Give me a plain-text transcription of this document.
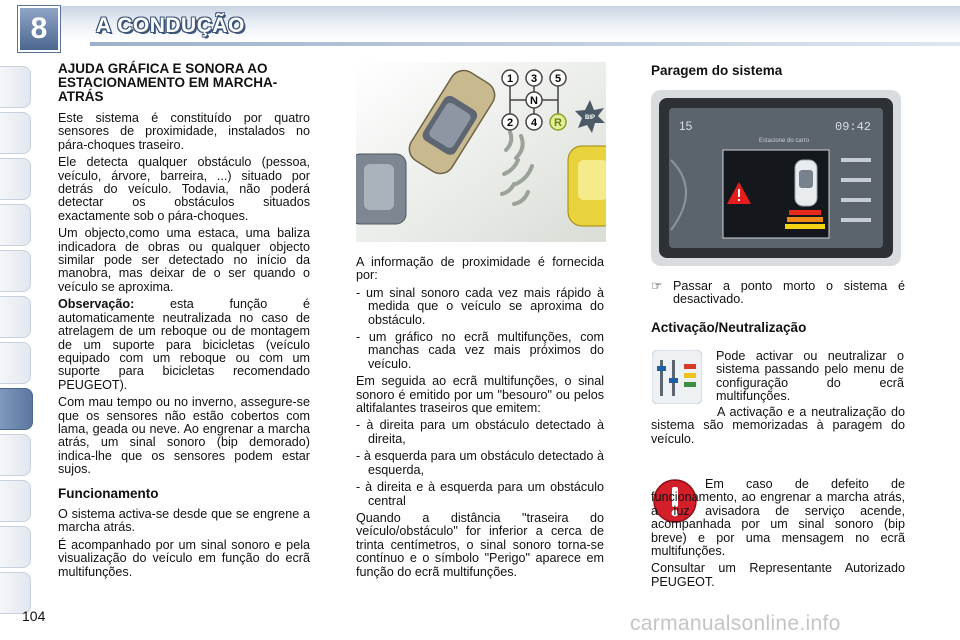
8	A CONDUÇÃO
AJUDA GRÁFICA E SONORA AO ESTACIONAMENTO EM MARCHA-ATRÁS

Este sistema é constituído por quatro sensores de proximidade, instalados no pára-choques traseiro.

Ele detecta qualquer obstáculo (pessoa, veículo, árvore, barreira, ...) situado por detrás do veículo. Todavia, não poderá detectar os obstáculos situados exactamente sob o pára-choques.

Um objecto,como uma estaca, uma baliza indicadora de obras ou qualquer objecto similar pode ser detectado no início da manobra, mas deixar de o ser quando o veículo se aproxima.

Observação: esta função é automaticamente neutralizada no caso de atrelagem de um reboque ou de montagem de um suporte para bicicletas (veículo equipado com um reboque ou com um suporte para bicicletas recomendado PEUGEOT).

Com mau tempo ou no inverno, assegure-se que os sensores não estão cobertos com lama, geada ou neve. Ao engrenar a marcha atrás, um sinal sonoro (bip demorado) indica-lhe que os sensores podem estar sujos.

Funcionamento

O sistema activa-se desde que se engrene a marcha atrás.

É acompanhado por um sinal sonoro e pela visualização do veículo em função do ecrã multifunções.

1 3 5
N
2 4 R	BIP

A informação de proximidade é fornecida por:

- um sinal sonoro cada vez mais rápido à medida que o veículo se aproxima do obstáculo.

- um gráfico no ecrã multifunções, com manchas cada vez mais próximos do veículo.

Em seguida ao ecrã multifunções, o sinal sonoro é emitido por um "besouro" ou pelos altifalantes traseiros que emitem:

- à direita para um obstáculo detectado à direita,

- à esquerda para um obstáculo detectado à esquerda,

- à direita e à esquerda para um obstáculo central

Quando a distância "traseira do veículo/obstáculo" for inferior a cerca de trinta centímetros, o sinal sonoro torna-se contínuo e o símbolo "Perigo" aparece em função do ecrã multifunções.

Paragem do sistema
15	09:42
Estacione do carro

☞ Passar a ponto morto o sistema é desactivado.

Activação/Neutralização

Pode activar ou neutralizar o sistema passando pelo menu de configuração do ecrã multifunções.

A activação e a neutralização do sistema são memorizadas à paragem do veículo.

Em caso de defeito de funcionamento, ao engrenar a marcha atrás, a luz avisadora de serviço acende, acompanhada por um sinal sonoro (bip breve) e por uma mensagem no ecrã multifunções.

Consultar um Representante Autorizado PEUGEOT.

104	carmanualsonline.info
